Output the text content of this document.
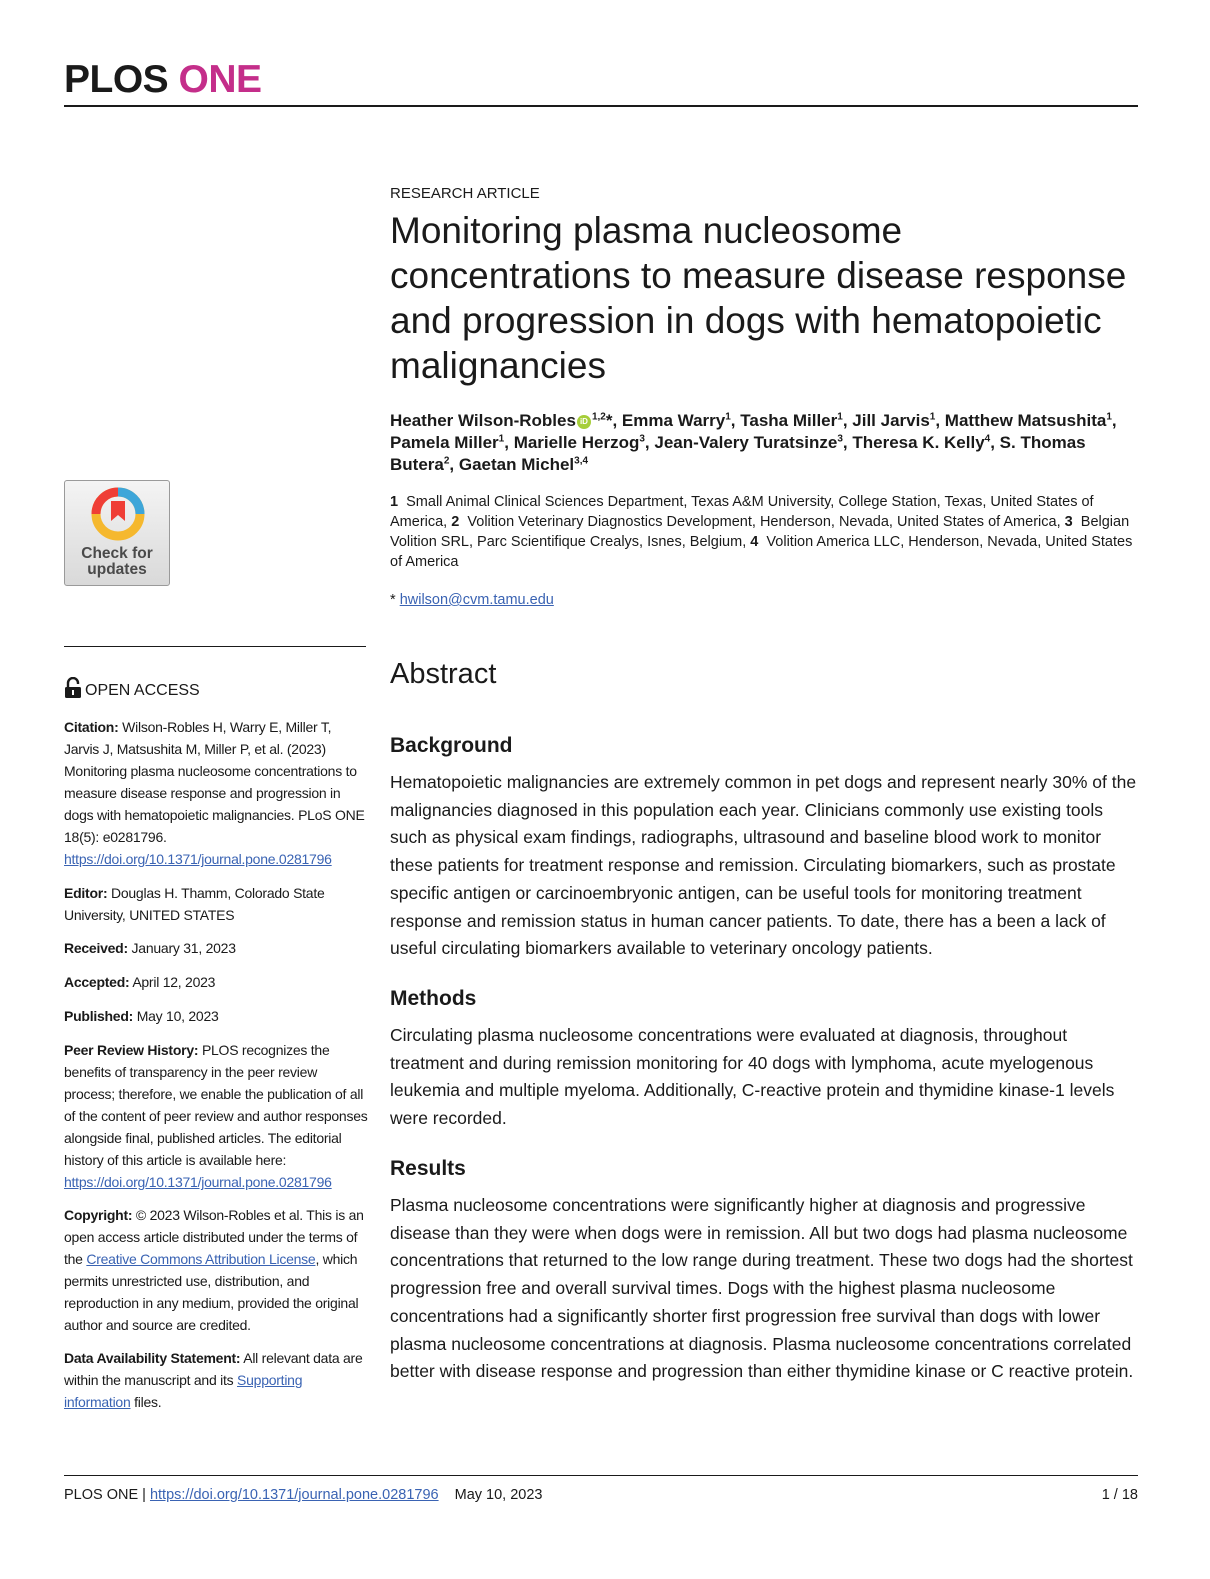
PLOS ONE
Check for
updates
OPEN ACCESS
Citation: Wilson-Robles H, Warry E, Miller T, Jarvis J, Matsushita M, Miller P, et al. (2023) Monitoring plasma nucleosome concentrations to measure disease response and progression in dogs with hematopoietic malignancies. PLoS ONE 18(5): e0281796. https://doi.org/10.1371/journal.pone.0281796
Editor: Douglas H. Thamm, Colorado State University, UNITED STATES
Received: January 31, 2023
Accepted: April 12, 2023
Published: May 10, 2023
Peer Review History: PLOS recognizes the benefits of transparency in the peer review process; therefore, we enable the publication of all of the content of peer review and author responses alongside final, published articles. The editorial history of this article is available here: https://doi.org/10.1371/journal.pone.0281796
Copyright: © 2023 Wilson-Robles et al. This is an open access article distributed under the terms of the Creative Commons Attribution License, which permits unrestricted use, distribution, and reproduction in any medium, provided the original author and source are credited.
Data Availability Statement: All relevant data are within the manuscript and its Supporting information files.
RESEARCH ARTICLE
Monitoring plasma nucleosome concentrations to measure disease response and progression in dogs with hematopoietic malignancies
Heather Wilson-Robles iD $^{1,2}$*, Emma Warry$^1$, Tasha Miller$^1$, Jill Jarvis$^1$, Matthew Matsushita$^1$, Pamela Miller$^1$, Marielle Herzog$^3$, Jean-Valery Turatsinze$^3$, Theresa K. Kelly$^4$, S. Thomas Butera$^2$, Gaetan Michel$^{3,4}$
1 Small Animal Clinical Sciences Department, Texas A&M University, College Station, Texas, United States of America, 2 Volition Veterinary Diagnostics Development, Henderson, Nevada, United States of America, 3 Belgian Volition SRL, Parc Scientifique Crealys, Isnes, Belgium, 4 Volition America LLC, Henderson, Nevada, United States of America
* hwilson@cvm.tamu.edu
Abstract
Background

Hematopoietic malignancies are extremely common in pet dogs and represent nearly 30% of the malignancies diagnosed in this population each year. Clinicians commonly use existing tools such as physical exam findings, radiographs, ultrasound and baseline blood work to monitor these patients for treatment response and remission. Circulating biomarkers, such as prostate specific antigen or carcinoembryonic antigen, can be useful tools for monitoring treatment response and remission status in human cancer patients. To date, there has a been a lack of useful circulating biomarkers available to veterinary oncology patients.

Methods

Circulating plasma nucleosome concentrations were evaluated at diagnosis, throughout treatment and during remission monitoring for 40 dogs with lymphoma, acute myelogenous leukemia and multiple myeloma. Additionally, C-reactive protein and thymidine kinase-1 levels were recorded.

Results

Plasma nucleosome concentrations were significantly higher at diagnosis and progressive disease than they were when dogs were in remission. All but two dogs had plasma nucleosome concentrations that returned to the low range during treatment. These two dogs had the shortest progression free and overall survival times. Dogs with the highest plasma nucleosome concentrations had a significantly shorter first progression free survival than dogs with lower plasma nucleosome concentrations at diagnosis. Plasma nucleosome concentrations correlated better with disease response and progression than either thymidine kinase or C reactive protein.

PLOS ONE | https://doi.org/10.1371/journal.pone.0281796 May 10, 2023	1 / 18
